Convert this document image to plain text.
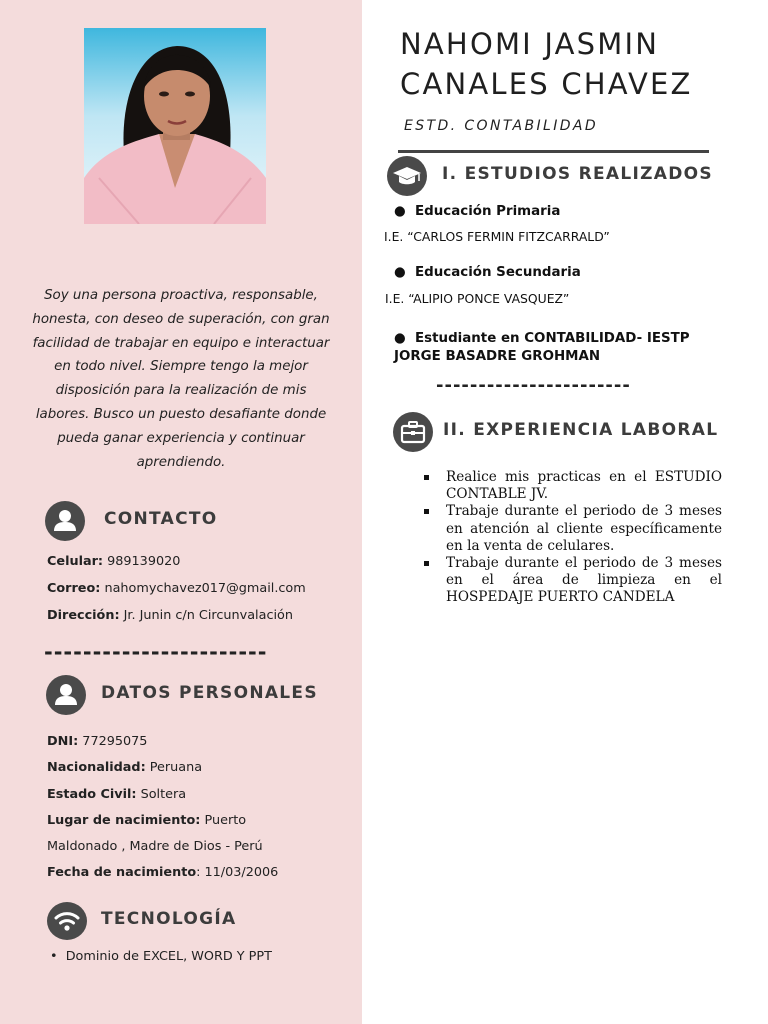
Soy una persona proactiva, responsable, honesta, con deseo de superación, con gran facilidad de trabajar en equipo e interactuar en todo nivel. Siempre tengo la mejor disposición para la realización de mis labores. Busco un puesto desafiante donde pueda ganar experiencia y continuar aprendiendo.
CONTACTO
Celular: 989139020
Correo: nahomychavez017@gmail.com
Dirección: Jr. Junin c/n Circunvalación
-----------------------
DATOS PERSONALES
DNI: 77295075
Nacionalidad: Peruana
Estado Civil: Soltera
Lugar de nacimiento: Puerto
Maldonado , Madre de Dios - Perú
Fecha de nacimiento: 11/03/2006
TECNOLOGÍA
• Dominio de EXCEL, WORD Y PPT
NAHOMI JASMIN
CANALES CHAVEZ
ESTD. CONTABILIDAD
I. ESTUDIOS REALIZADOS
● Educación Primaria
I.E. “CARLOS FERMIN FITZCARRALD”
● Educación Secundaria
I.E. “ALIPIO PONCE VASQUEZ”
● Estudiante en CONTABILIDAD- IESTP
JORGE BASADRE GROHMAN
-----------------------
II. EXPERIENCIA LABORAL
Realice mis practicas en el ESTUDIO CONTABLE JV.
Trabaje durante el periodo de 3 meses en atención al cliente específicamente en la venta de celulares.
Trabaje durante el periodo de 3 meses en el área de limpieza en el HOSPEDAJE PUERTO CANDELA
